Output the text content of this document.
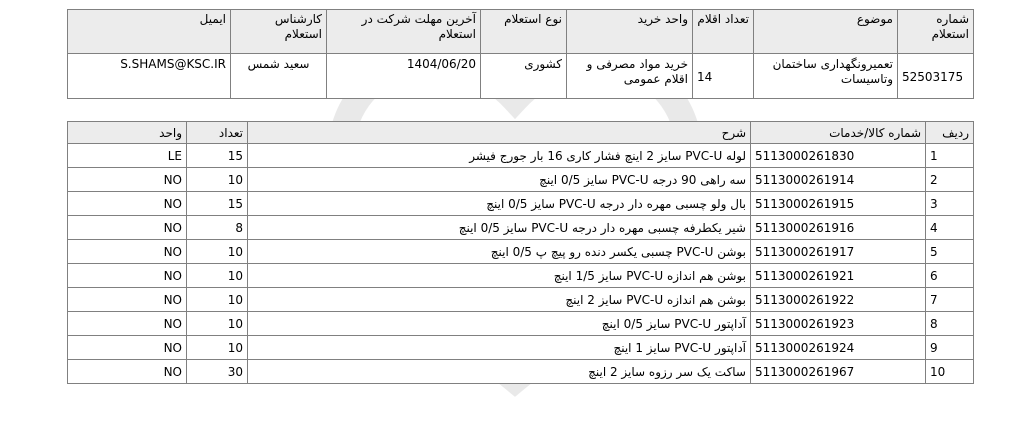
شماره استعلام	موضوع	تعداد اقلام	واحد خرید	نوع استعلام	آخرین مهلت شرکت در استعلام	کارشناس استعلام	ایمیل
52503175	تعمیرونگهداری ساختمان وتاسیسات	14	خرید مواد مصرفی و اقلام عمومی	کشوری	1404/06/20	سعید شمس	S.SHAMS@KSC.IR
ردیف	شماره کالا/خدمات	شرح	تعداد	واحد
1	5113000261830	لوله PVC-U سایز 2 اینچ فشار کاری 16 بار جورج فیشر	15	LE
2	5113000261914	سه راهی 90 درجه PVC-U سایز 0/5 اینچ	10	NO
3	5113000261915	بال ولو چسبی مهره دار درجه PVC-U سایز 0/5 اینچ	15	NO
4	5113000261916	شیر یکطرفه چسبی مهره دار درجه PVC-U سایز 0/5 اینچ	8	NO
5	5113000261917	بوشن PVC-U چسبی یکسر دنده رو پیچ پ 0/5 اینچ	10	NO
6	5113000261921	بوشن هم اندازه PVC-U سایز 1/5 اینچ	10	NO
7	5113000261922	بوشن هم اندازه PVC-U سایز 2 اینچ	10	NO
8	5113000261923	آداپتور PVC-U سایز 0/5 اینچ	10	NO
9	5113000261924	آداپتور PVC-U سایز 1 اینچ	10	NO
10	5113000261967	ساکت یک سر رزوه سایز 2 اینچ	30	NO
